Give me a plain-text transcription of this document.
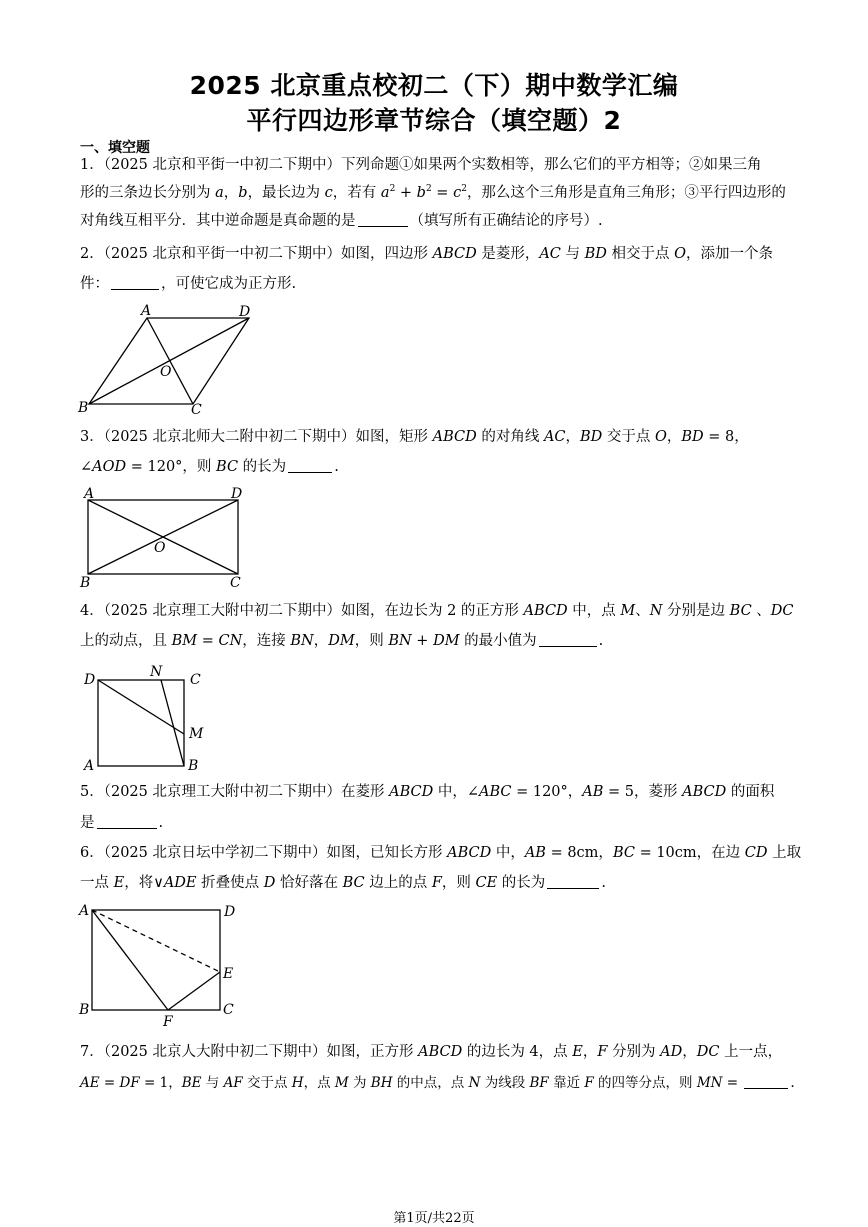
2025 北京重点校初二（下）期中数学汇编
平行四边形章节综合（填空题）2
一、填空题
1．（2025 北京和平街一中初二下期中）下列命题①如果两个实数相等，那么它们的平方相等；②如果三角
形的三条边长分别为 a，b，最长边为 c，若有 $a^2 + b^2 = c^2$，那么这个三角形是直角三角形；③平行四边形的
对角线互相平分．其中逆命题是真命题的是	（填写所有正确结论的序号）.
2．（2025 北京和平街一中初二下期中）如图，四边形 ABCD 是菱形，AC 与 BD 相交于点 O，添加一个条
件：	，可使它成为正方形.
A	D
B	C
O
3．（2025 北京北师大二附中初二下期中）如图，矩形 ABCD 的对角线 AC，BD 交于点 O，BD = 8，
∠AOD = 120°，则 BC 的长为	.
A	D
B	C
O
4．（2025 北京理工大附中初二下期中）如图，在边长为 2 的正方形 ABCD 中，点 M、N 分别是边 BC 、DC
上的动点，且 BM = CN，连接 BN，DM，则 BN + DM 的最小值为	.
D	N C
M
A	B
5．（2025 北京理工大附中初二下期中）在菱形 ABCD 中，∠ABC = 120°，AB = 5，菱形 ABCD 的面积
是	.
6．（2025 北京日坛中学初二下期中）如图，已知长方形 ABCD 中，AB = 8cm，BC = 10cm，在边 CD 上取
一点 E，将∨ADE 折叠使点 D 恰好落在 BC 边上的点 F，则 CE 的长为	.
A	D
E
B	C
F
7．（2025 北京人大附中初二下期中）如图，正方形 ABCD 的边长为 4，点 E，F 分别为 AD，DC 上一点，
AE = DF = 1，BE 与 AF 交于点 H，点 M 为 BH 的中点，点 N 为线段 BF 靠近 F 的四等分点，则 MN =	.
第1页/共22页
